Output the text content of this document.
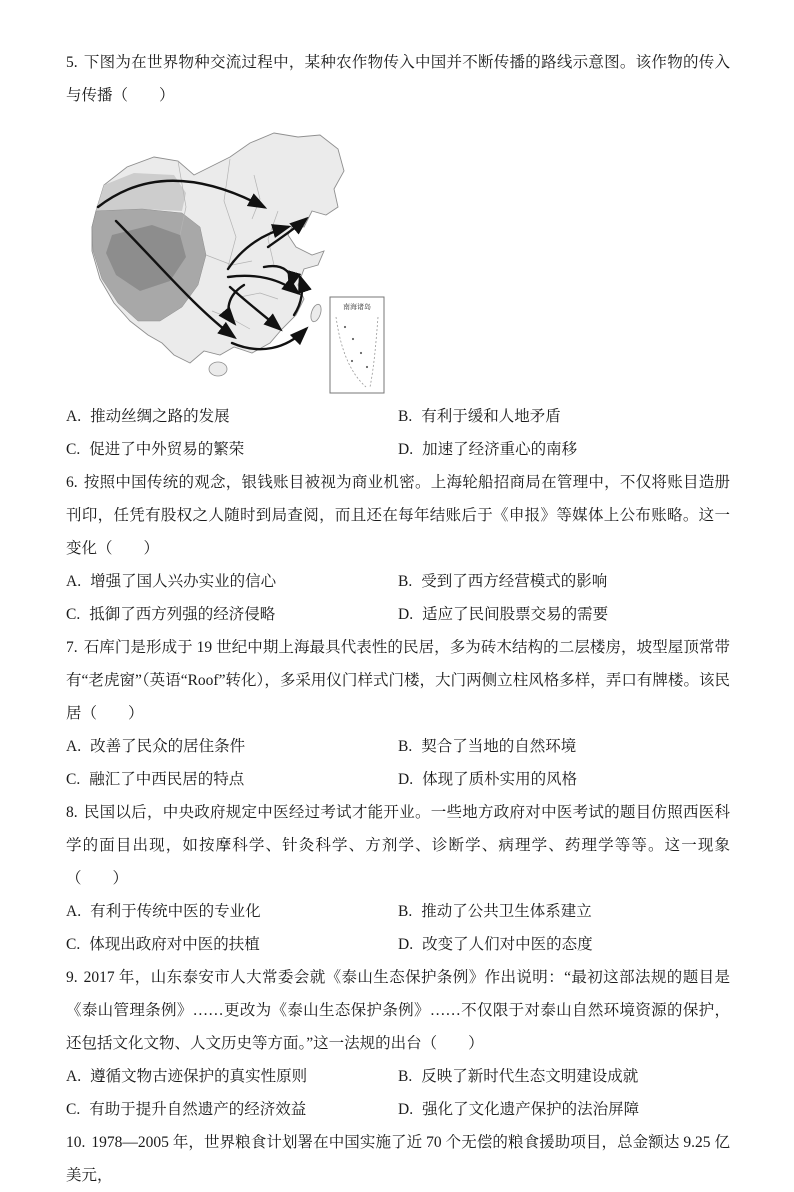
5. 下图为在世界物种交流过程中，某种农作物传入中国并不断传播的路线示意图。该作物的传入与传播（　　）

南海诸岛
A. 推动丝绸之路的发展	B. 有利于缓和人地矛盾
C. 促进了中外贸易的繁荣	D. 加速了经济重心的南移

6. 按照中国传统的观念，银钱账目被视为商业机密。上海轮船招商局在管理中，不仅将账目造册刊印，任凭有股权之人随时到局查阅，而且还在每年结账后于《申报》等媒体上公布账略。这一变化（　　）

A. 增强了国人兴办实业的信心	B. 受到了西方经营模式的影响
C. 抵御了西方列强的经济侵略	D. 适应了民间股票交易的需要

7. 石库门是形成于 19 世纪中期上海最具代表性的民居，多为砖木结构的二层楼房，坡型屋顶常带有“老虎窗”（英语“Roof”转化），多采用仪门样式门楼，大门两侧立柱风格多样，弄口有牌楼。该民居（　　）

A. 改善了民众的居住条件	B. 契合了当地的自然环境
C. 融汇了中西民居的特点	D. 体现了质朴实用的风格

8. 民国以后，中央政府规定中医经过考试才能开业。一些地方政府对中医考试的题目仿照西医科学的面目出现，如按摩科学、针灸科学、方剂学、诊断学、病理学、药理学等等。这一现象（　　）

A. 有利于传统中医的专业化	B. 推动了公共卫生体系建立
C. 体现出政府对中医的扶植	D. 改变了人们对中医的态度

9. 2017 年，山东泰安市人大常委会就《泰山生态保护条例》作出说明：“最初这部法规的题目是《泰山管理条例》……更改为《泰山生态保护条例》……不仅限于对泰山自然环境资源的保护，还包括文化文物、人文历史等方面。”这一法规的出台（　　）

A. 遵循文物古迹保护的真实性原则	B. 反映了新时代生态文明建设成就
C. 有助于提升自然遗产的经济效益	D. 强化了文化遗产保护的法治屏障

10. 1978—2005 年，世界粮食计划署在中国实施了近 70 个无偿的粮食援助项目，总金额达 9.25 亿美元，
